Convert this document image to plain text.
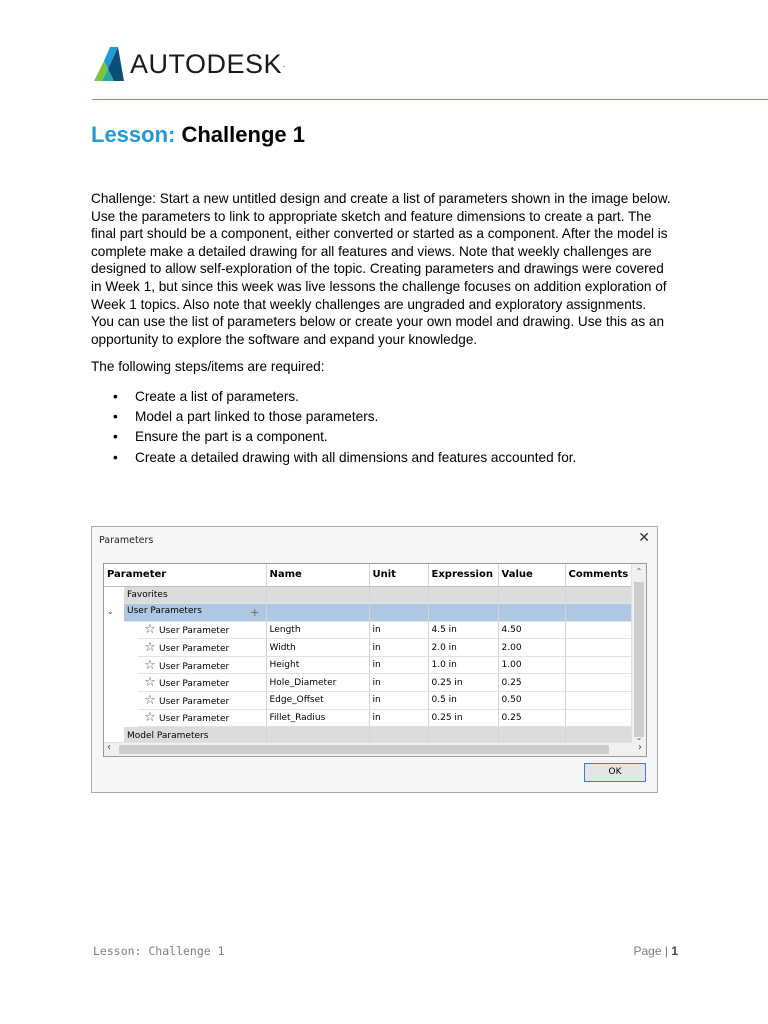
AUTODESK .
Lesson: Challenge 1

Challenge: Start a new untitled design and create a list of parameters shown in the image below. Use the parameters to link to appropriate sketch and feature dimensions to create a part. The final part should be a component, either converted or started as a component. After the model is complete make a detailed drawing for all features and views. Note that weekly challenges are designed to allow self-exploration of the topic. Creating parameters and drawings were covered in Week 1, but since this week was live lessons the challenge focuses on addition exploration of Week 1 topics. Also note that weekly challenges are ungraded and exploratory assignments. You can use the list of parameters below or create your own model and drawing. Use this as an opportunity to explore the software and expand your knowledge.

The following steps/items are required:

• Create a list of parameters.
• Model a part linked to those parameters.
• Ensure the part is a component.
• Create a detailed drawing with all dimensions and features accounted for.
Parameters	✕
Parameter			Name	Unit	Expression	Value	Comments
	Favorites						
⌄	User Parameters +						

		☆ User Parameter	Length	in	4.5 in	4.50	
		☆ User Parameter	Width	in	2.0 in	2.00	
		☆ User Parameter	Height	in	1.0 in	1.00	
		☆ User Parameter	Hole_Diameter	in	0.25 in	0.25	
		☆ User Parameter	Edge_Offset	in	0.5 in	0.50	
		☆ User Parameter	Fillet_Radius	in	0.25 in	0.25	
	Model Parameters						
⌃
⌄
‹	›
OK
Lesson: Challenge 1	Page | 1
